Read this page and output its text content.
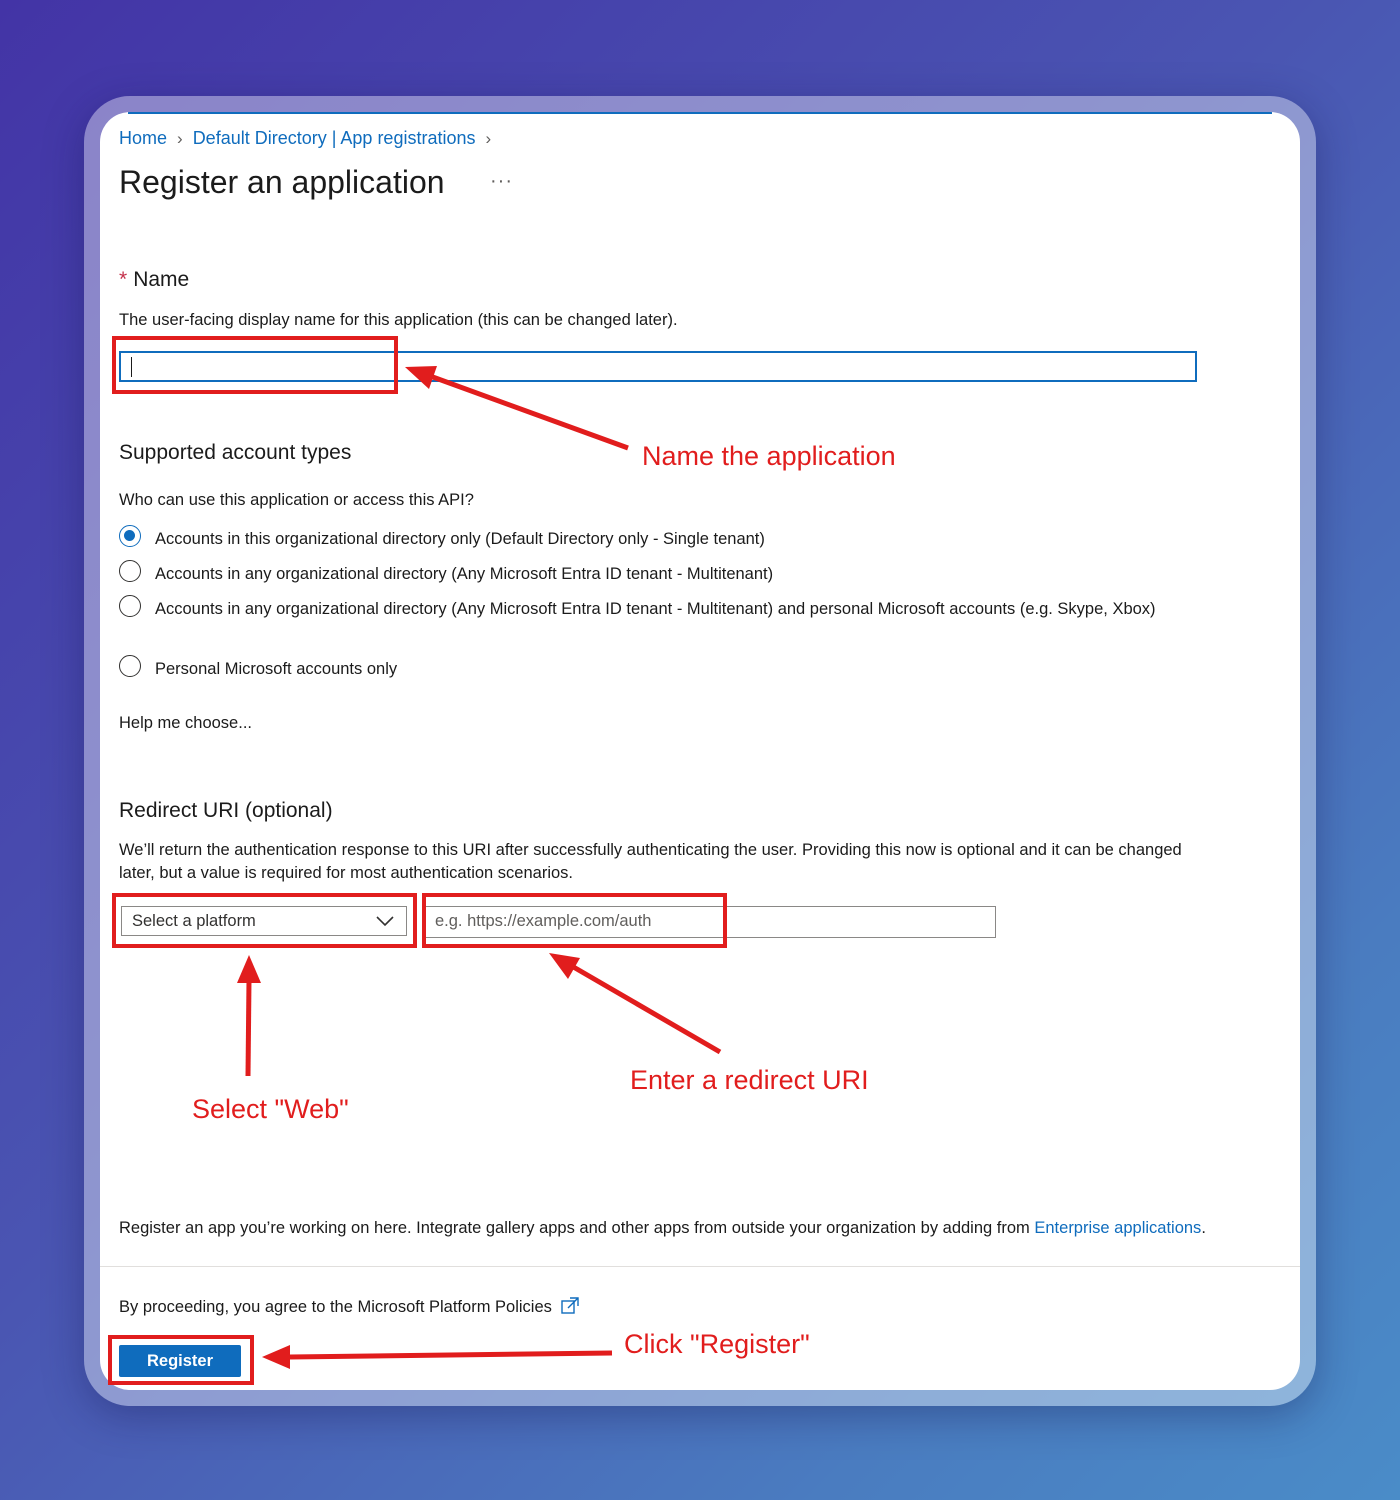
Home › Default Directory | App registrations ›
Register an application ···
* Name
The user-facing display name for this application (this can be changed later).
Supported account types
Who can use this application or access this API?
Accounts in this organizational directory only (Default Directory only - Single tenant)
Accounts in any organizational directory (Any Microsoft Entra ID tenant - Multitenant)
Accounts in any organizational directory (Any Microsoft Entra ID tenant - Multitenant) and personal Microsoft accounts (e.g. Skype, Xbox)
Personal Microsoft accounts only
Help me choose...
Redirect URI (optional)
We’ll return the authentication response to this URI after successfully authenticating the user. Providing this now is optional and it can be changed later, but a value is required for most authentication scenarios.
Select a platform	e.g. https://example.com/auth
Register an app you’re working on here. Integrate gallery apps and other apps from outside your organization by adding from Enterprise applications.
By proceeding, you agree to the Microsoft Platform Policies
Register
Name the application
Select "Web"
Enter a redirect URI
Click "Register"
